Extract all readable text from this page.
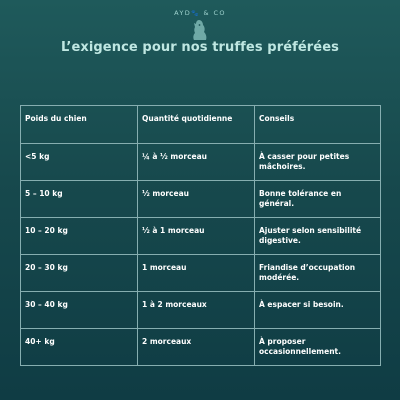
AYD🐾 & CO
L’exigence pour nos truffes préférées
Poids du chien	Quantité quotidienne	Conseils
<5 kg	¼ à ½ morceau	À casser pour petites mâchoires.
5 – 10 kg	½ morceau	Bonne tolérance en général.
10 – 20 kg	½ à 1 morceau	Ajuster selon sensibilité digestive.
20 – 30 kg	1 morceau	Friandise d’occupation modérée.
30 – 40 kg	1 à 2 morceaux	À espacer si besoin.
40+ kg	2 morceaux	À proposer occasionnellement.
